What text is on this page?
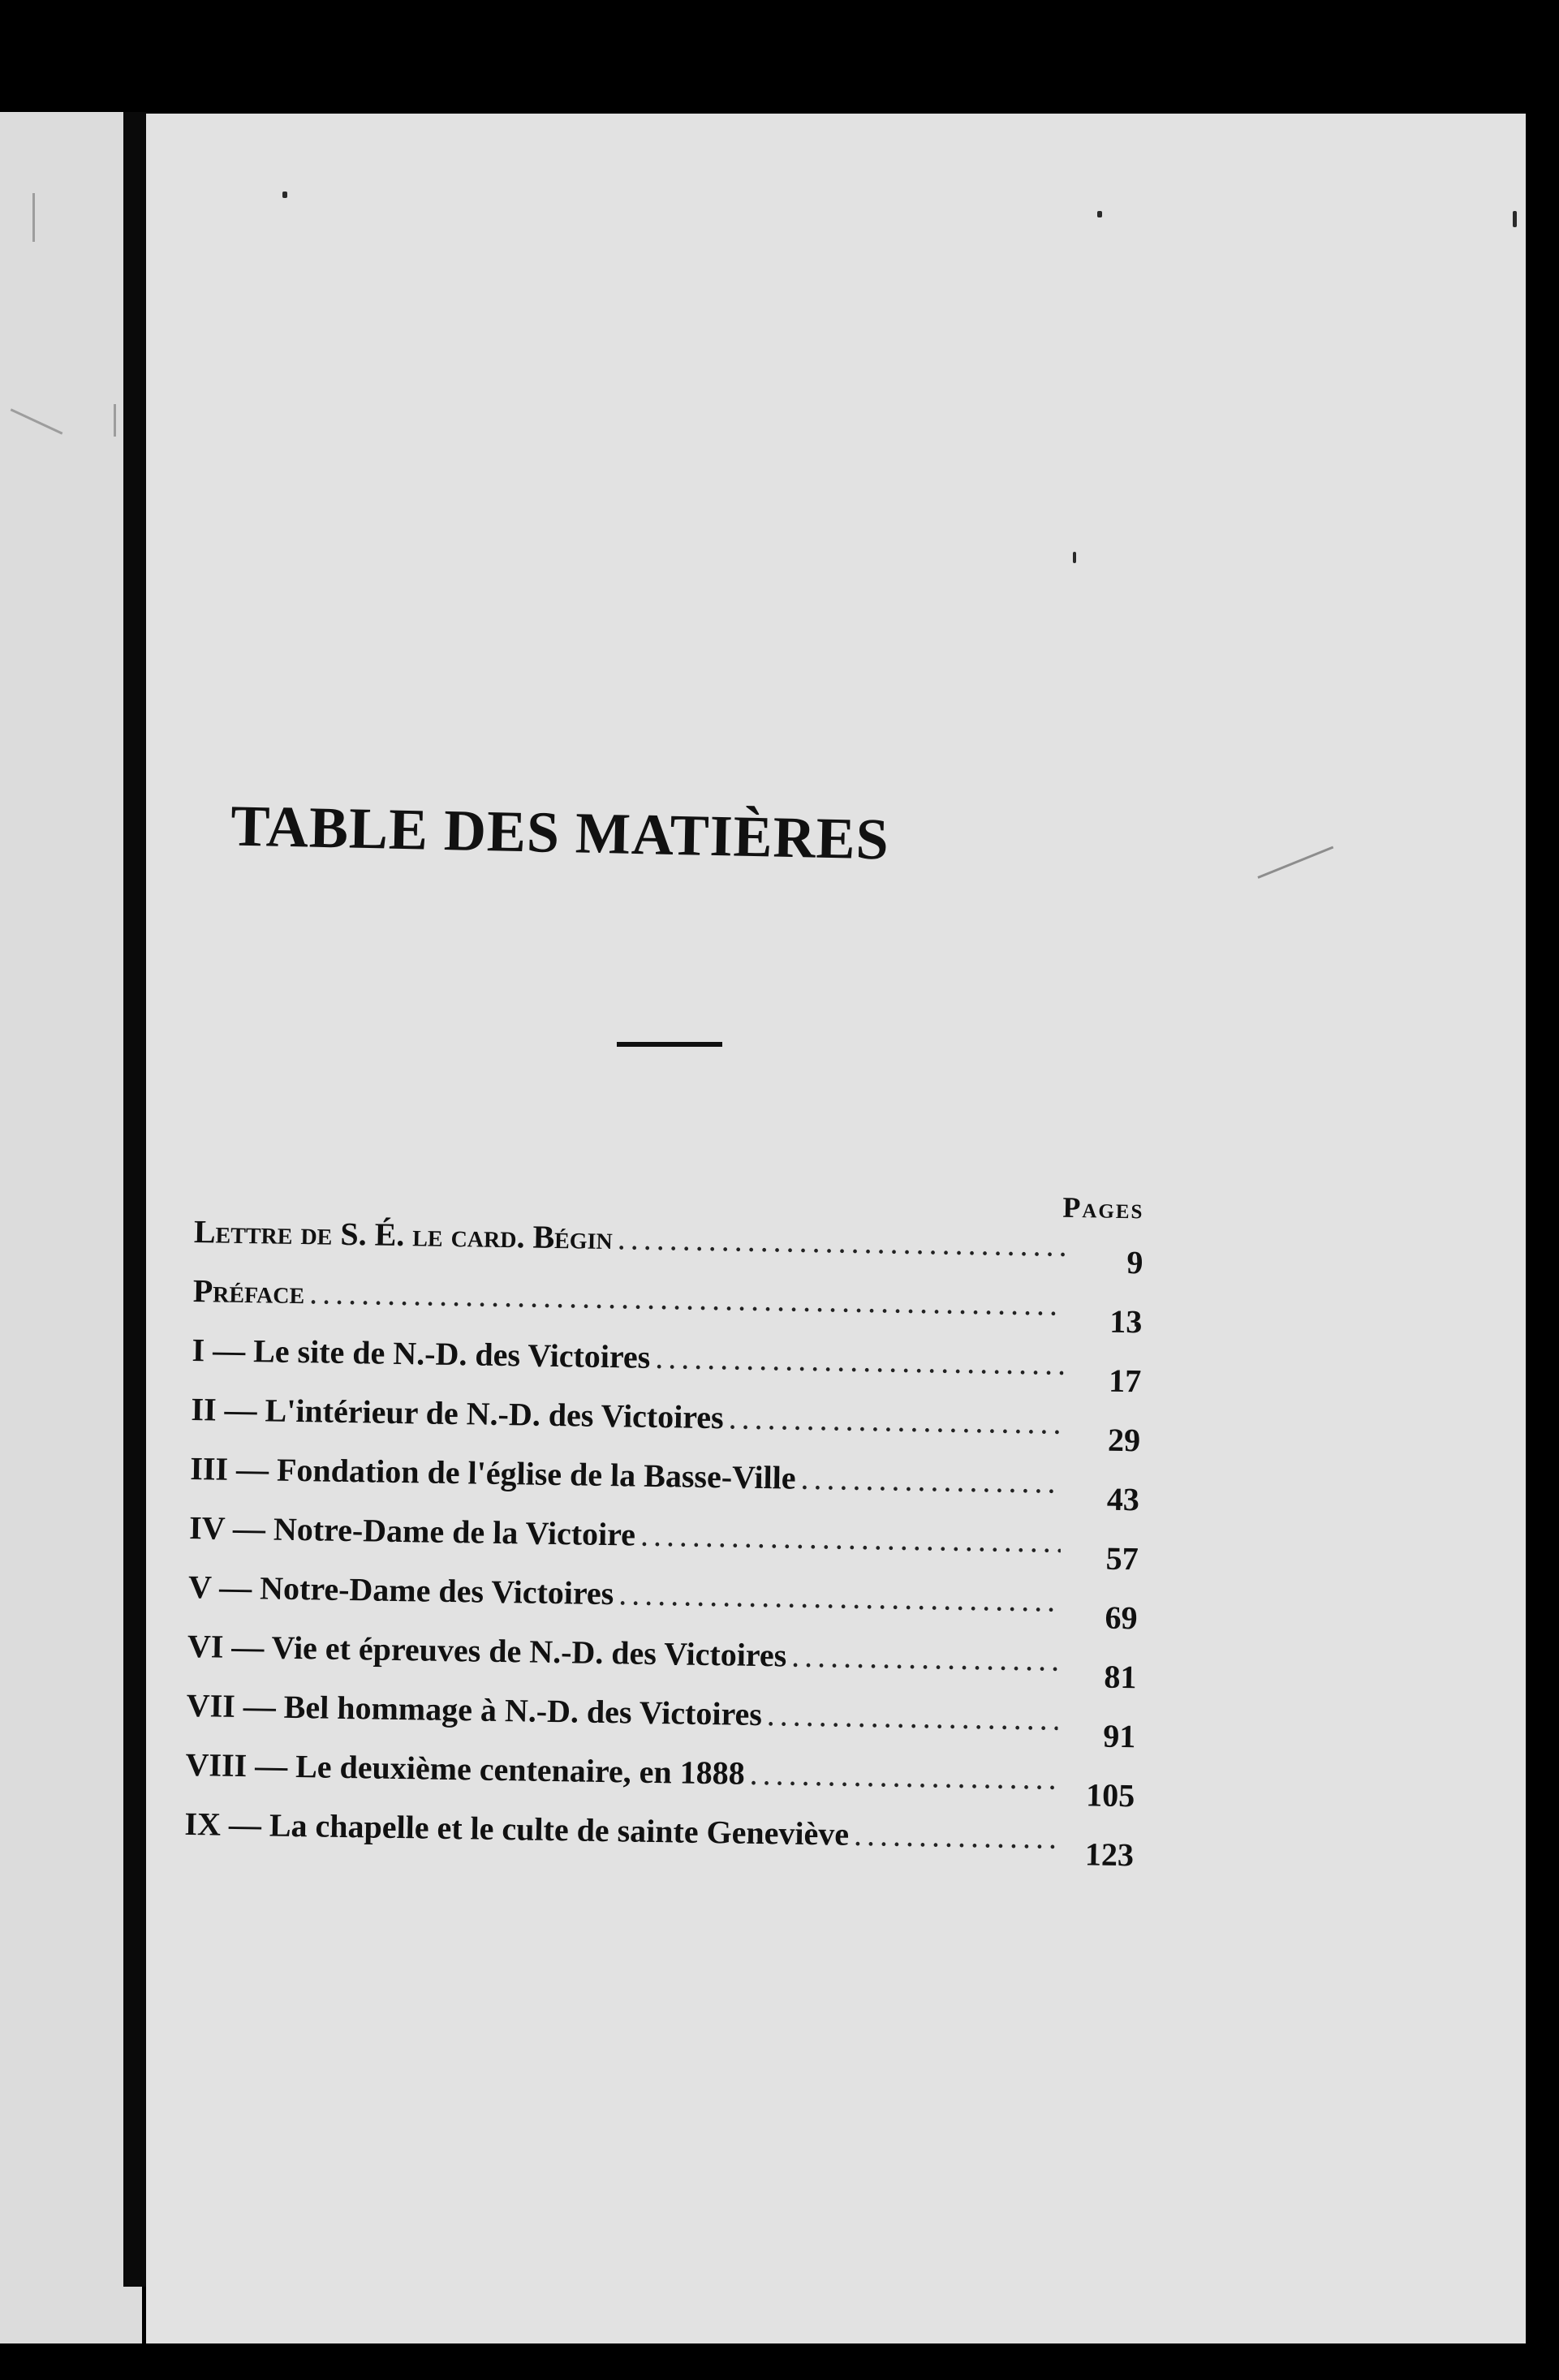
TABLE DES MATIÈRES
Pages
Lettre de S. É. le card. Bégin
.....
9
Préface
.....
13
I — Le site de N.-D. des Victoires
.....
17
II — L'intérieur de N.-D. des Victoires
.....
29
III — Fondation de l'église de la Basse-Ville
.....
43
IV — Notre-Dame de la Victoire
.....
57
V — Notre-Dame des Victoires
.....
69
VI — Vie et épreuves de N.-D. des Victoires
.....
81
VII — Bel hommage à N.-D. des Victoires
.....
91
VIII — Le deuxième centenaire, en 1888
.....
105
IX — La chapelle et le culte de sainte Geneviève
.....
123
